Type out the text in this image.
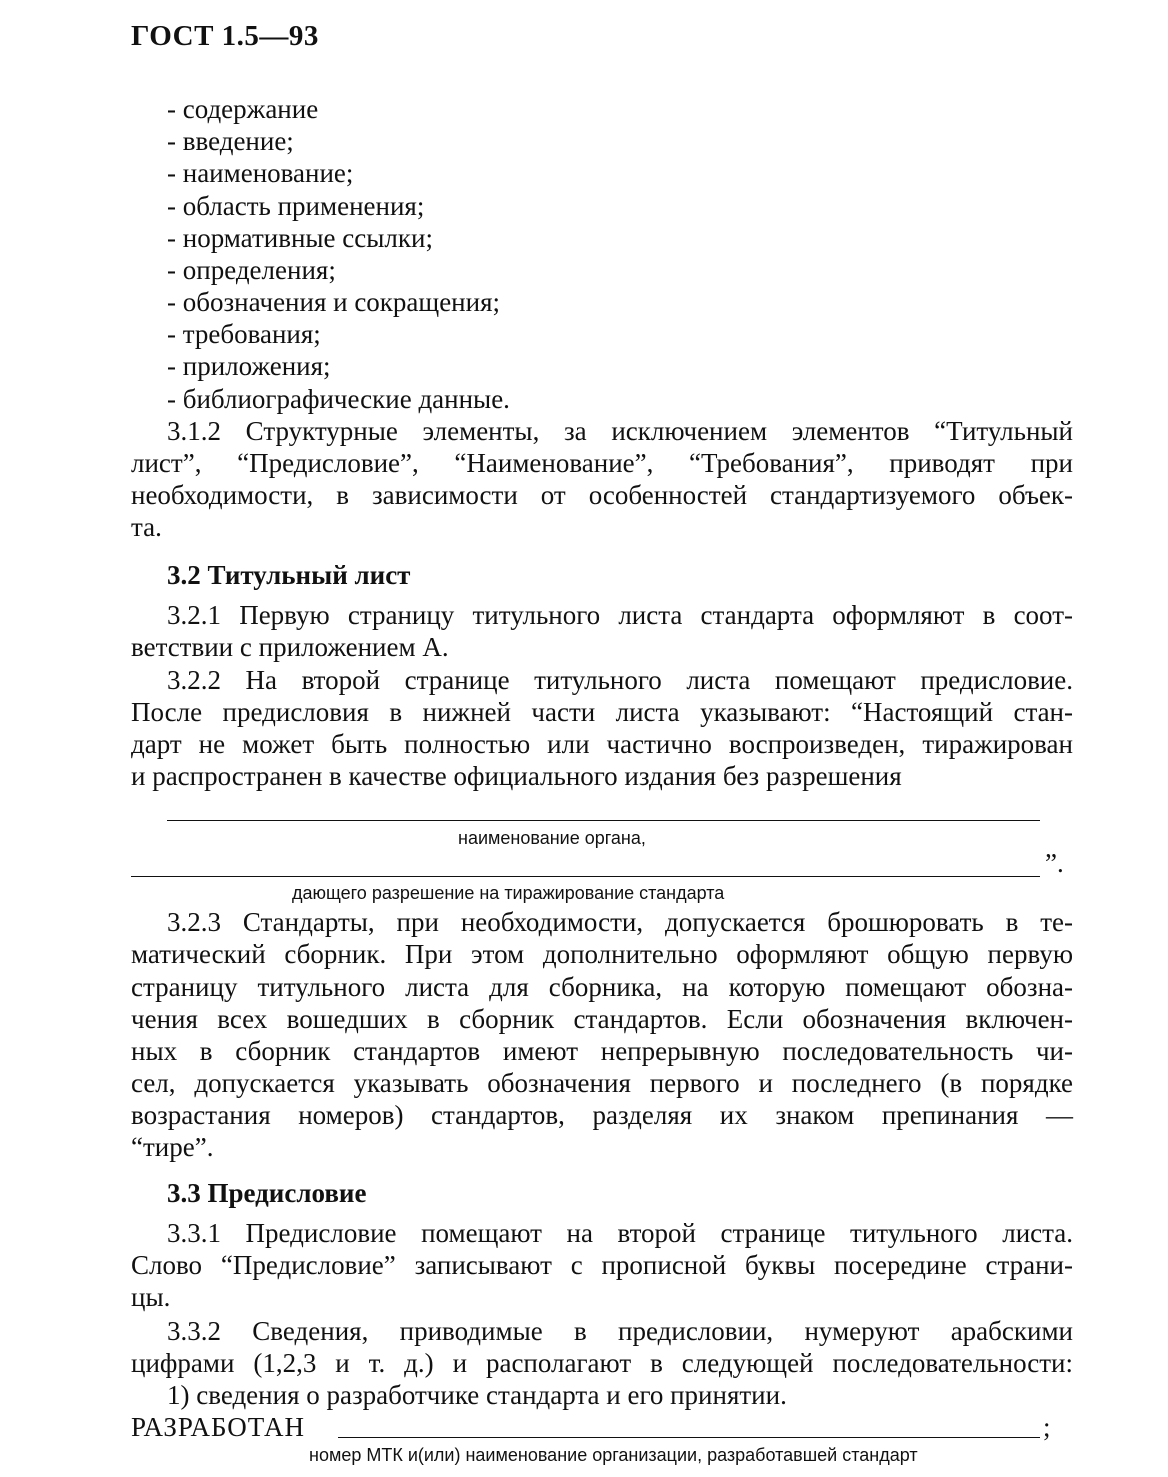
ГОСТ 1.5—93
- содержание
- введение;
- наименование;
- область применения;
- нормативные ссылки;
- определения;
- обозначения и сокращения;
- требования;
- приложения;
- библиографические данные.
3.1.2 Структурные элементы, за исключением элементов “Титульный
лист”, “Предисловие”, “Наименование”, “Требования”, приводят при
необходимости, в зависимости от особенностей стандартизуемого объек-
та.
3.2 Титульный лист
3.2.1 Первую страницу титульного листа стандарта оформляют в соот-
ветствии с приложением А.
3.2.2 На второй странице титульного листа помещают предисловие.
После предисловия в нижней части листа указывают: “Настоящий стан-
дарт не может быть полностью или частично воспроизведен, тиражирован
и распространен в качестве официального издания без разрешения
наименование органа,
”.
дающего разрешение на тиражирование стандарта
3.2.3 Стандарты, при необходимости, допускается брошюровать в те-
матический сборник. При этом дополнительно оформляют общую первую
страницу титульного листа для сборника, на которую помещают обозна-
чения всех вошедших в сборник стандартов. Если обозначения включен-
ных в сборник стандартов имеют непрерывную последовательность чи-
сел, допускается указывать обозначения первого и последнего (в порядке
возрастания номеров) стандартов, разделяя их знаком препинания —
“тире”.
3.3 Предисловие
3.3.1 Предисловие помещают на второй странице титульного листа.
Слово “Предисловие” записывают с прописной буквы посередине страни-
цы.
3.3.2 Сведения, приводимые в предисловии, нумеруют арабскими
цифрами (1,2,3 и т. д.) и располагают в следующей последовательности:
1) сведения о разработчике стандарта и его принятии.
РАЗРАБОТАН	;
номер МТК и(или) наименование организации, разработавшей стандарт
